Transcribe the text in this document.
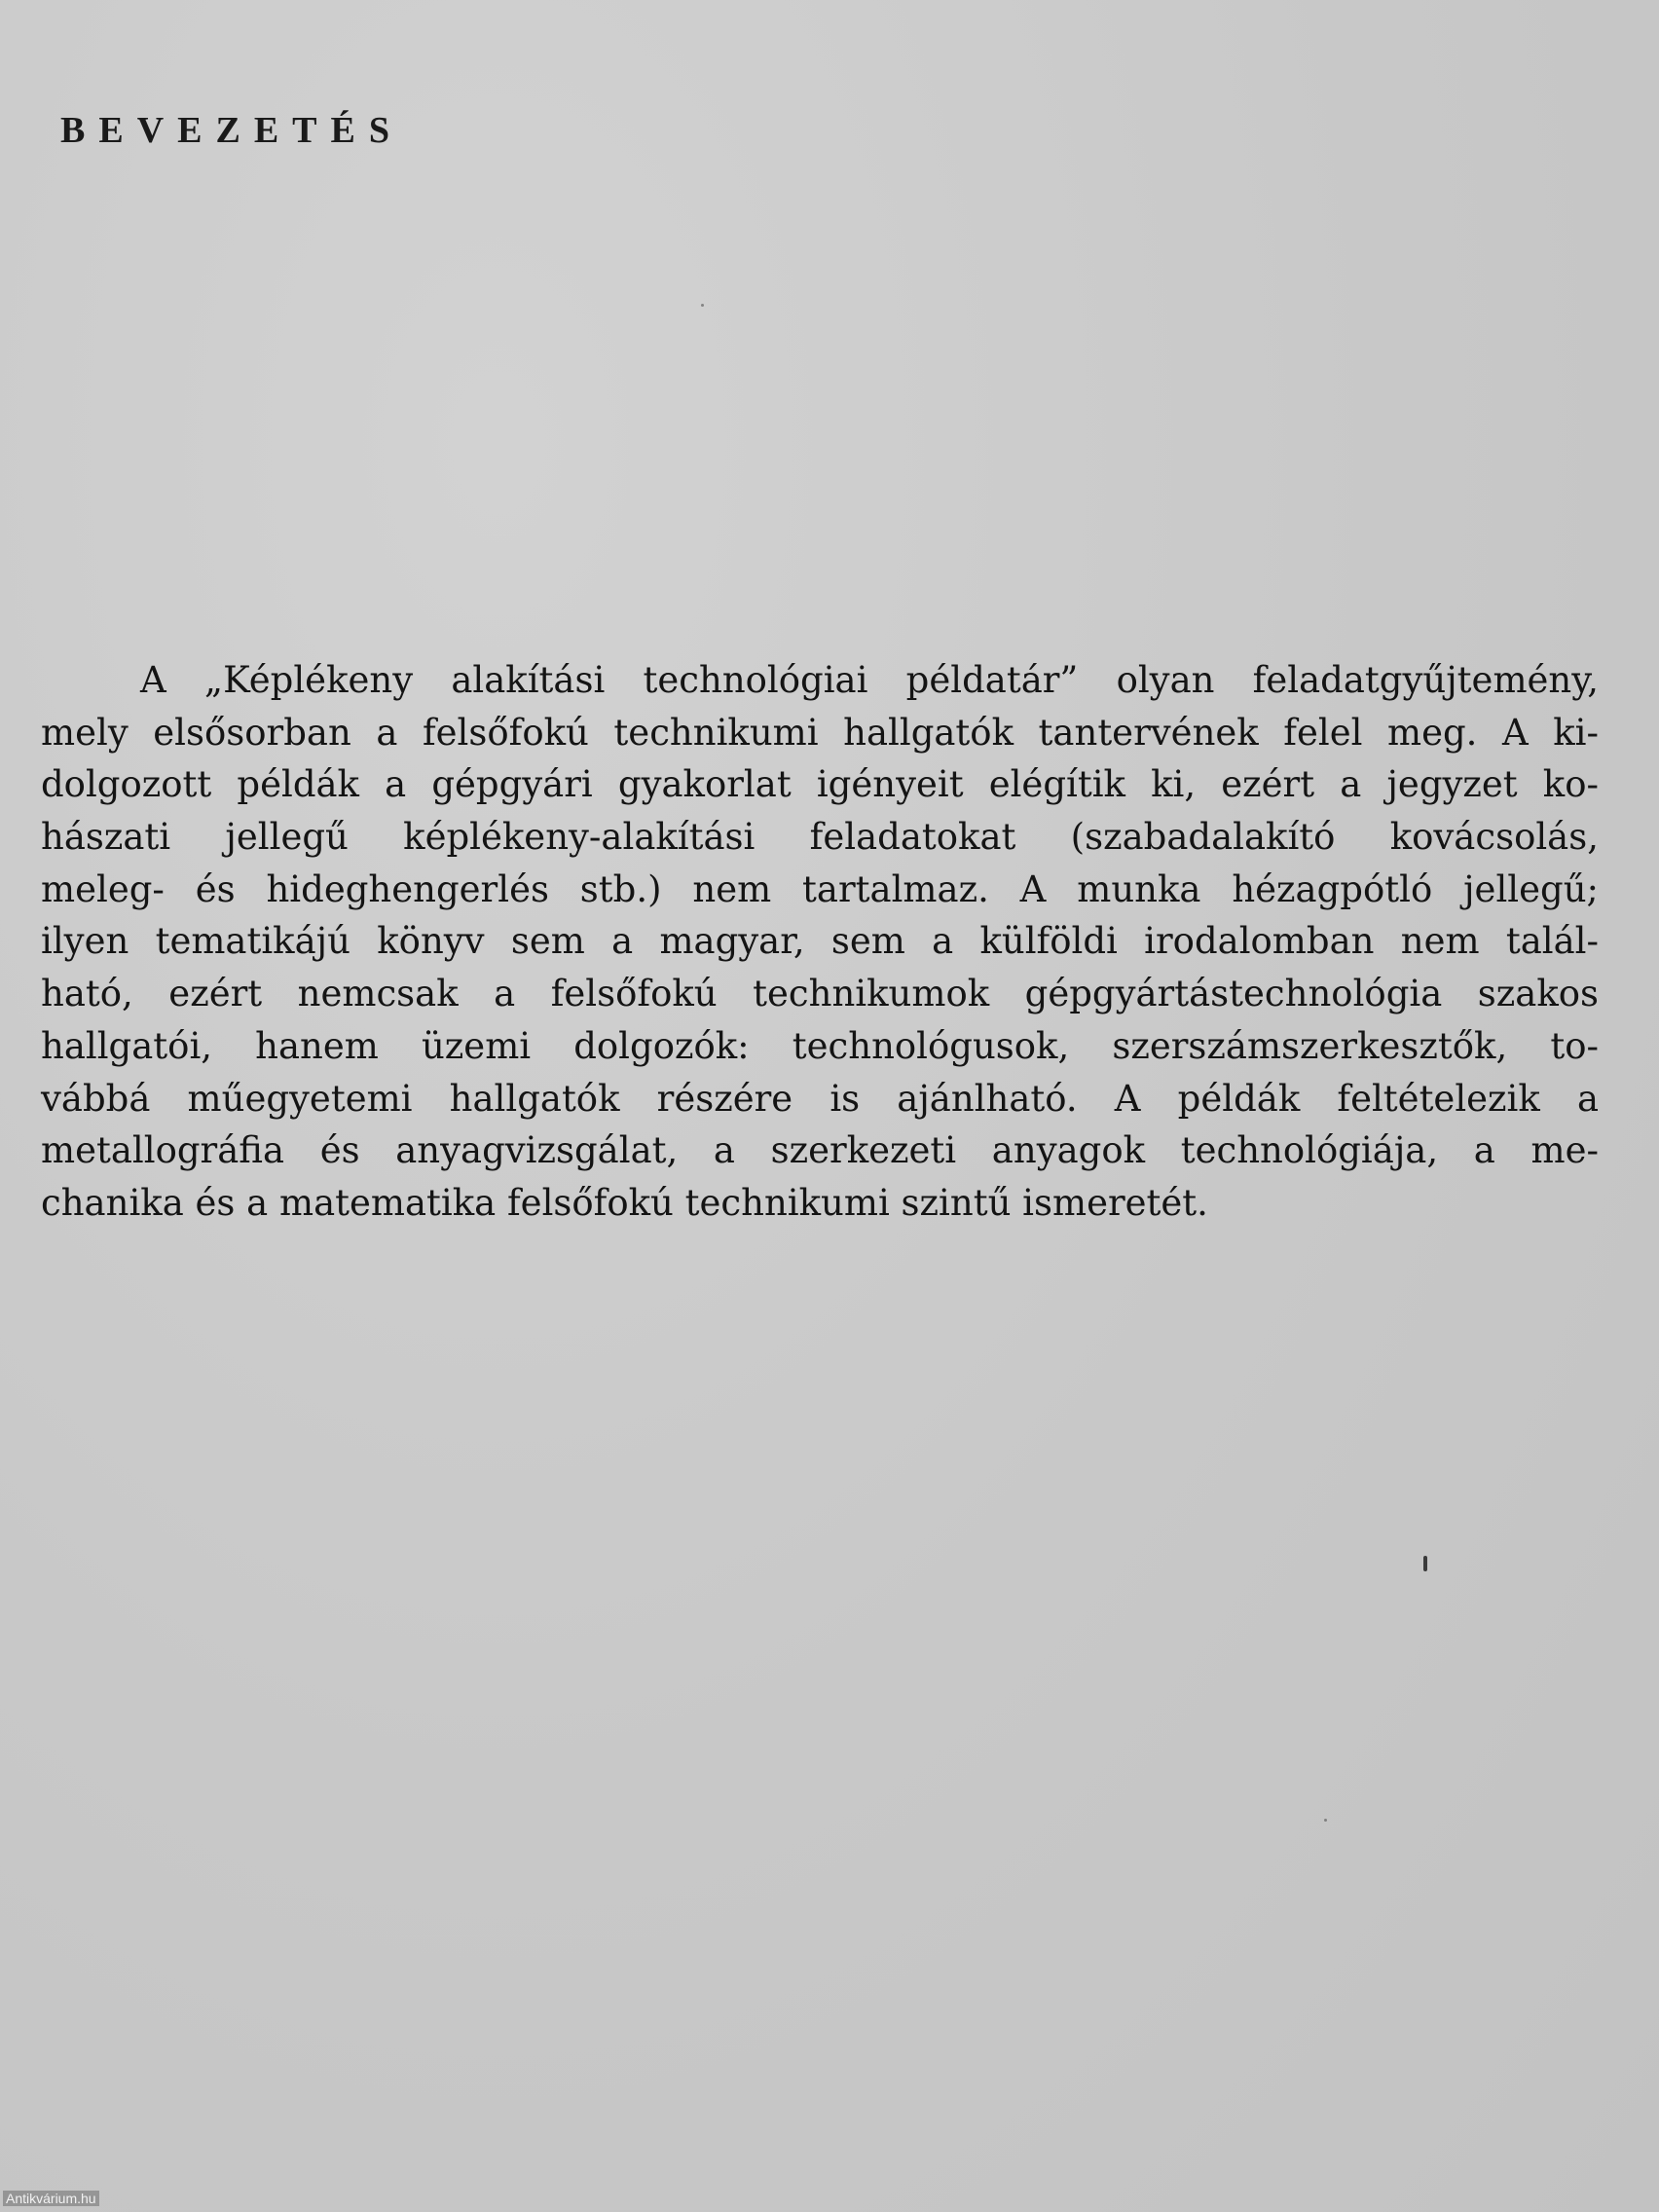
BEVEZETÉS
A „Képlékeny alakítási technológiai példatár” olyan feladatgyűjtemény,
mely elsősorban a felsőfokú technikumi hallgatók tantervének felel meg. A ki-
dolgozott példák a gépgyári gyakorlat igényeit elégítik ki, ezért a jegyzet ko-
hászati jellegű képlékeny-alakítási feladatokat (szabadalakító kovácsolás,
meleg- és hideghengerlés stb.) nem tartalmaz. A munka hézagpótló jellegű;
ilyen tematikájú könyv sem a magyar, sem a külföldi irodalomban nem talál-
ható, ezért nemcsak a felsőfokú technikumok gépgyártástechnológia szakos
hallgatói, hanem üzemi dolgozók: technológusok, szerszámszerkesztők, to-
vábbá műegyetemi hallgatók részére is ajánlható. A példák feltételezik a
metallográfia és anyagvizsgálat, a szerkezeti anyagok technológiája, a me-
chanika és a matematika felsőfokú technikumi szintű ismeretét.
Antikvárium.hu
